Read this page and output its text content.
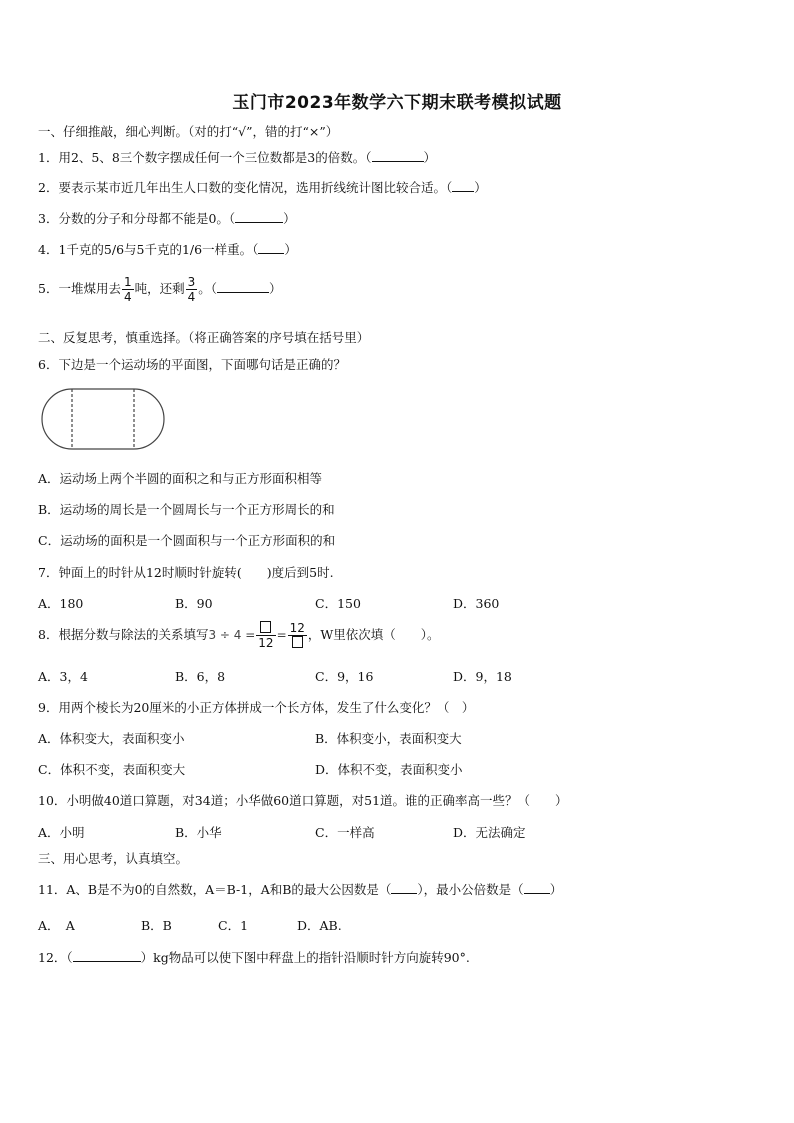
玉门市2023年数学六下期末联考模拟试题
一、仔细推敲，细心判断。（对的打“√”，错的打“×”）
1．用2、5、8三个数字摆成任何一个三位数都是3的倍数。（	）
2．要表示某市近几年出生人口数的变化情况，选用折线统计图比较合适。（ ）
3．分数的分子和分母都不能是0。（	）
4．1千克的5/6与5千克的1/6一样重。（ ）
5．一堆煤用去 $\frac{1}{4}$ 吨，还剩 $\frac{3}{4}$ 。（	）
二、反复思考，慎重选择。（将正确答案的序号填在括号里）
6．下边是一个运动场的平面图，下面哪句话是正确的？
A．运动场上两个半圆的面积之和与正方形面积相等
B．运动场的周长是一个圆周长与一个正方形周长的和
C．运动场的面积是一个圆面积与一个正方形面积的和
7．钟面上的时针从12时顺时针旋转(　　)度后到5时.
A．180	B．90	C．150	D．360
8．根据分数与除法的关系填写3 ÷ 4 =
12
= 12 ，W里依次填（　　）。
A．3，4	B．6，8	C．9，16	D．9，18
9．用两个棱长为20厘米的小正方体拼成一个长方体，发生了什么变化？（　）
A．体积变大，表面积变小	B．体积变小，表面积变大
C．体积不变，表面积变大	D．体积不变，表面积变小
10．小明做40道口算题，对34道；小华做60道口算题，对51道。谁的正确率高一些？（　　）
A．小明	B．小华	C．一样高	D．无法确定
三、用心思考，认真填空。
11．A、B是不为0的自然数，A＝B-1，A和B的最大公因数是（ ），最小公倍数是（ ）
A．　A	B．B	C．1	D．AB.
12．（	）kg物品可以使下图中秤盘上的指针沿顺时针方向旋转90°.
